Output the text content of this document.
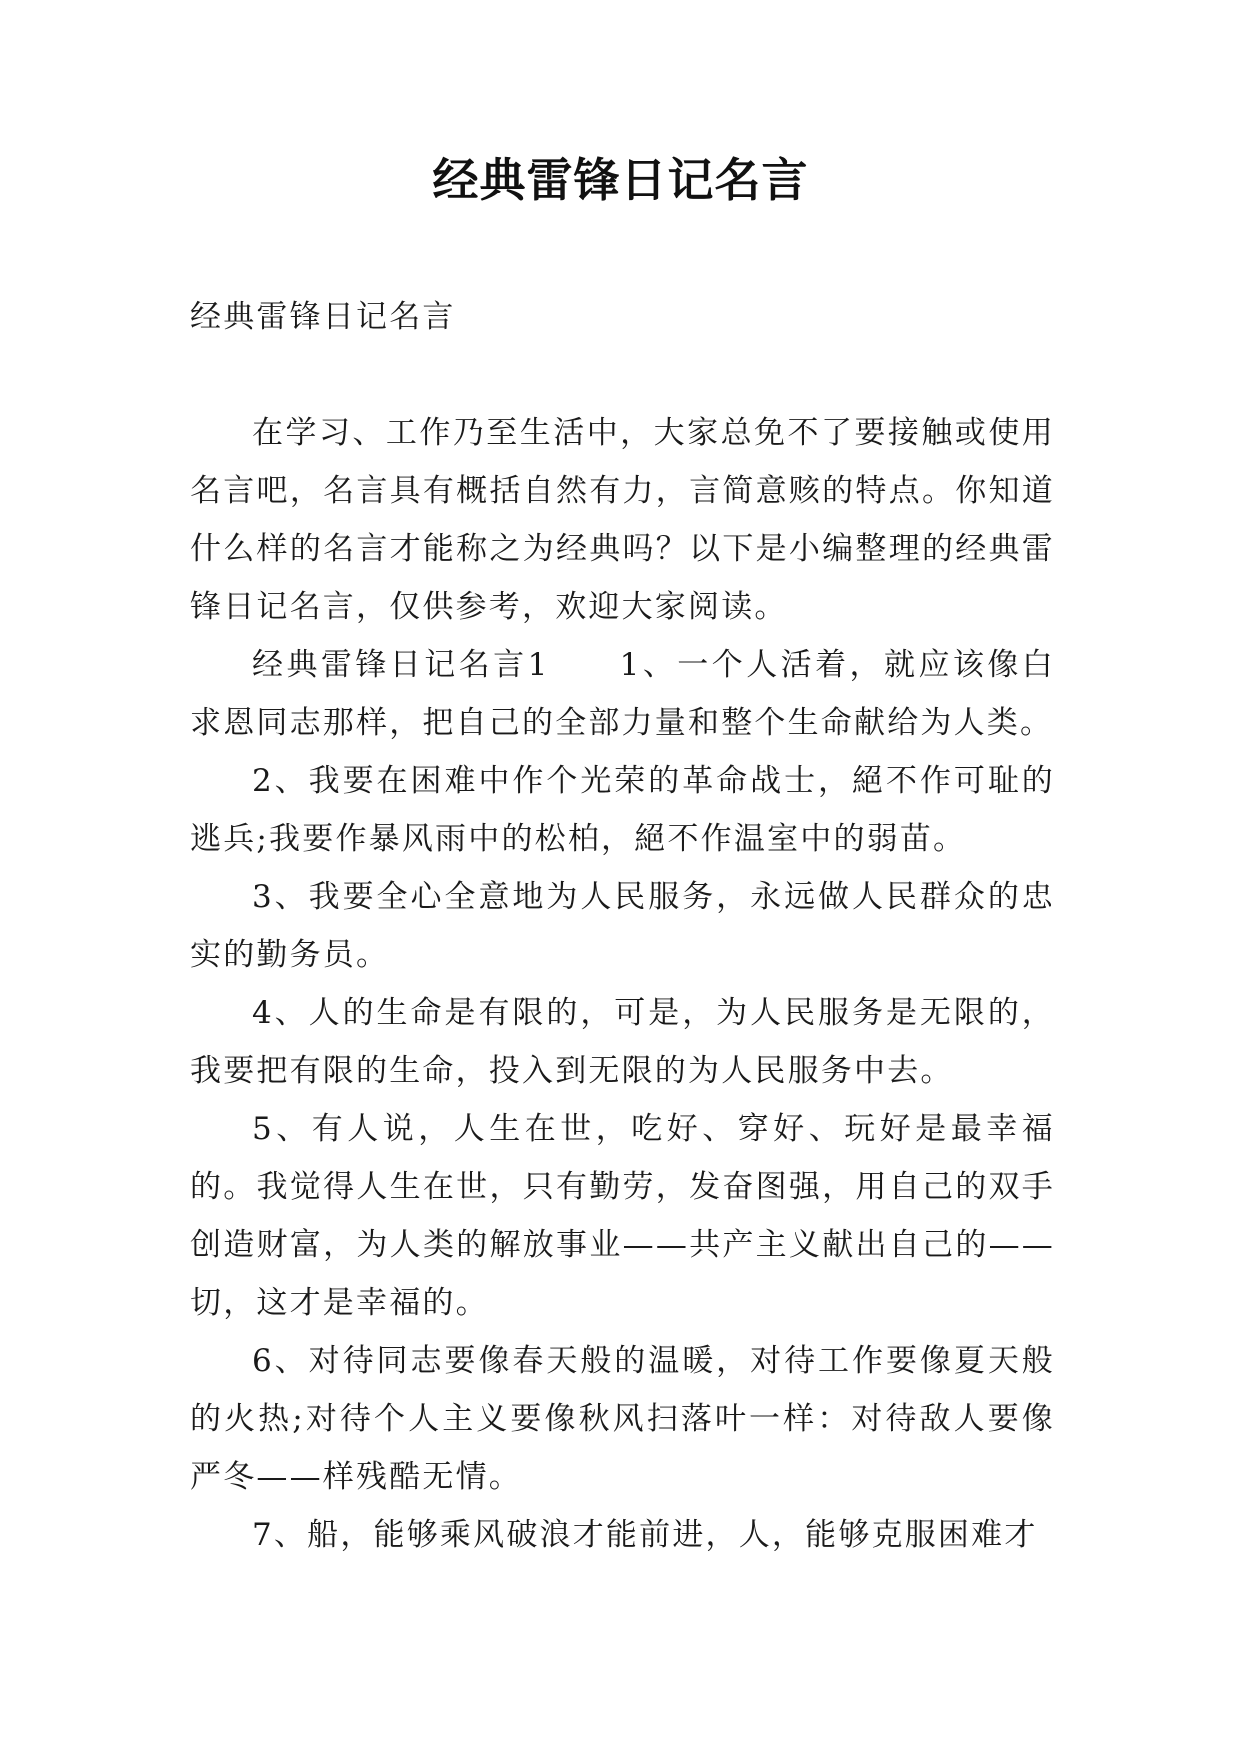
经典雷锋日记名言

经典雷锋日记名言

在学习、工作乃至生活中，大家总免不了要接触或使用名言吧，名言具有概括自然有力，言简意赅的特点。你知道什么样的名言才能称之为经典吗？以下是小编整理的经典雷锋日记名言，仅供参考，欢迎大家阅读。

经典雷锋日记名言1　　1、一个人活着，就应该像白求恩同志那样，把自己的全部力量和整个生命献给为人类。

2、我要在困难中作个光荣的革命战士，絕不作可耻的逃兵;我要作暴风雨中的松柏，絕不作温室中的弱苗。

3、我要全心全意地为人民服务，永远做人民群众的忠实的勤务员。

4、人的生命是有限的，可是，为人民服务是无限的，我要把有限的生命，投入到无限的为人民服务中去。

5、有人说，人生在世，吃好、穿好、玩好是最幸福的。我觉得人生在世，只有勤劳，发奋图强，用自己的双手创造财富，为人类的解放事业——共产主义献出自己的——切，这才是幸福的。

6、对待同志要像春天般的温暖，对待工作要像夏天般的火热;对待个人主义要像秋风扫落叶一样：对待敌人要像严冬——样残酷无情。

7、船，能够乘风破浪才能前进，人，能够克服困难才
